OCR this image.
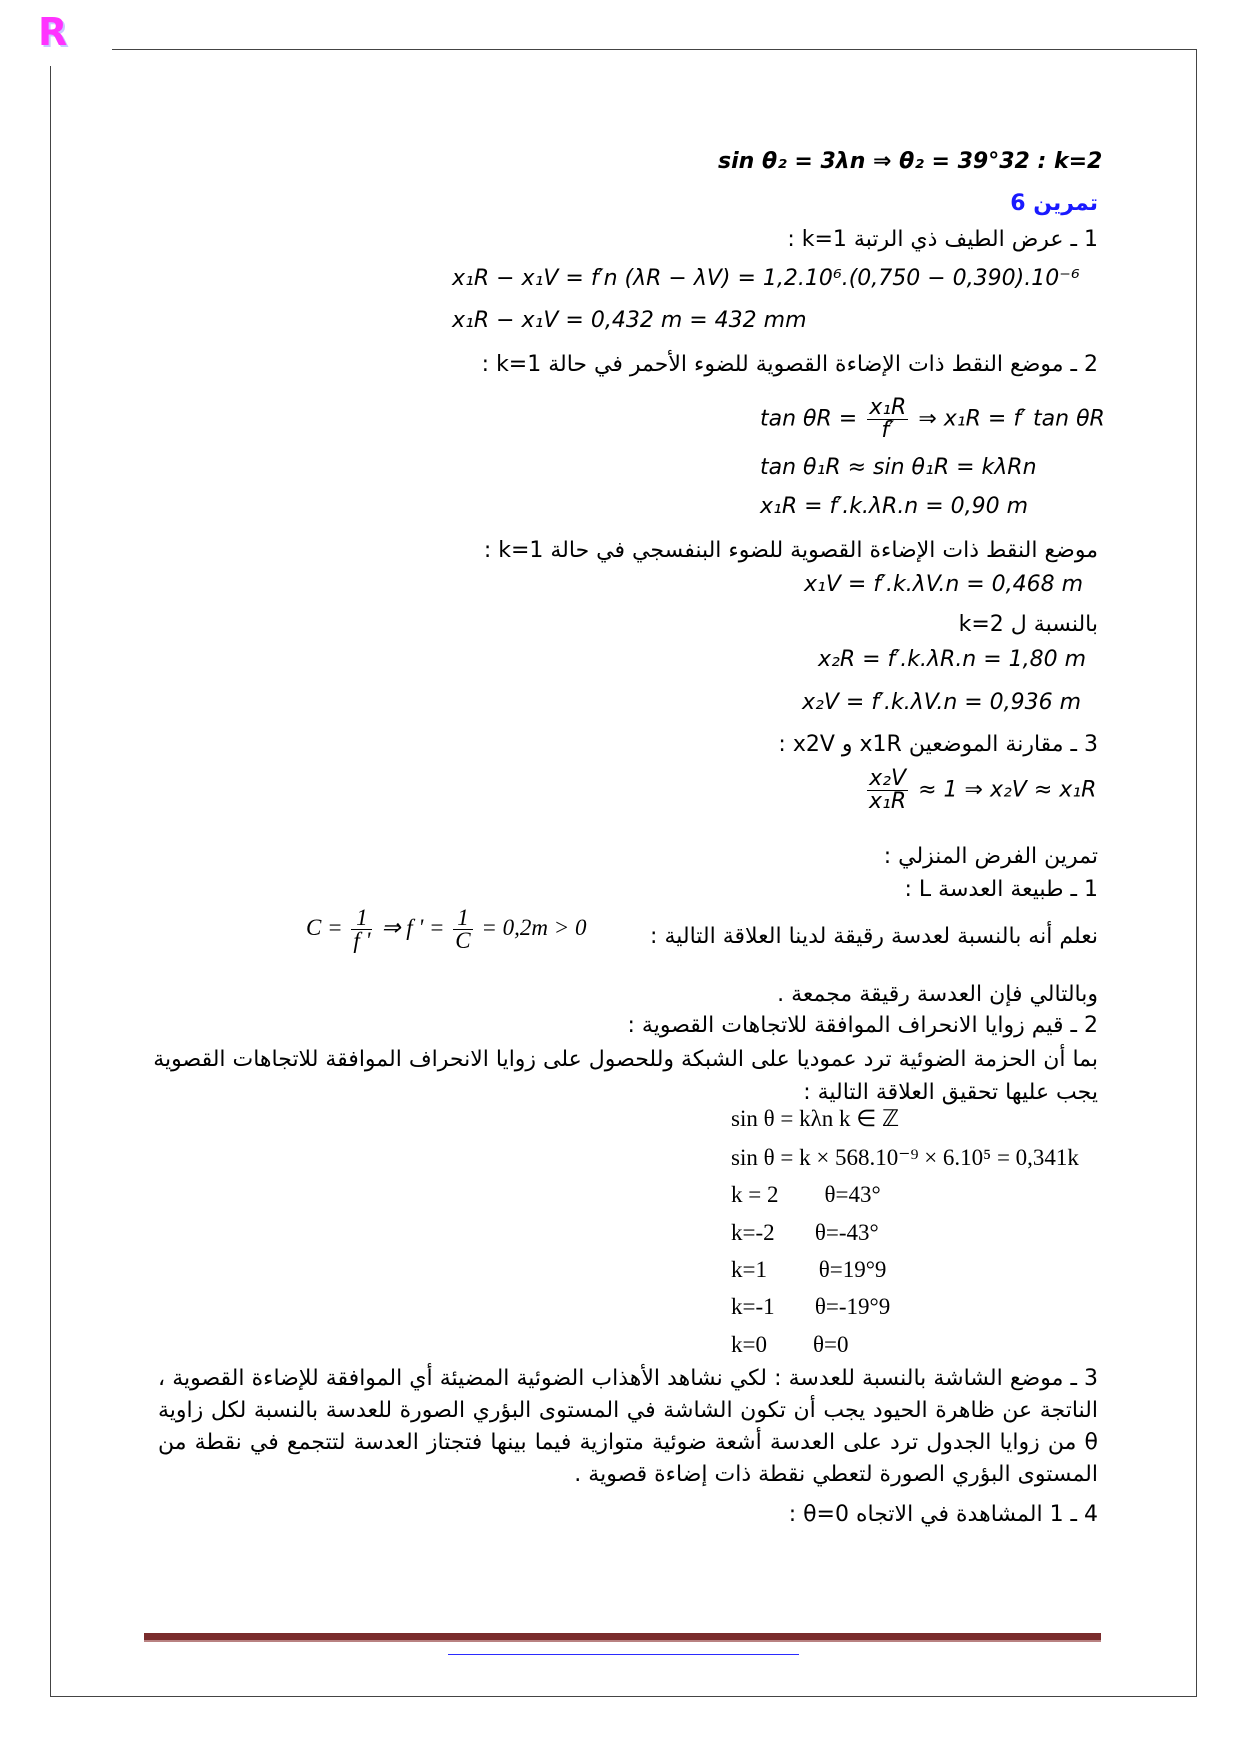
R
sin θ₂ = 3λn ⇒ θ₂ = 39°32 : k=2
تمرين 6
1 ـ عرض الطيف ذي الرتبة k=1 :
x₁R − x₁V = f′n (λR − λV) = 1,2.10⁶.(0,750 − 0,390).10⁻⁶
x₁R − x₁V = 0,432 m = 432 mm
2 ـ موضع النقط ذات الإضاءة القصوية للضوء الأحمر في حالة k=1 :
$\tan \theta R = \frac{\text{x₁R}}{f'}$ ⇒ x₁R = f′ tan θR
tan θ₁R ≈ sin θ₁R = kλRn
x₁R = f′.k.λR.n = 0,90 m
موضع النقط ذات الإضاءة القصوية للضوء البنفسجي في حالة k=1 :
x₁V = f′.k.λV.n = 0,468 m
بالنسبة ل k=2
x₂R = f′.k.λR.n = 1,80 m
x₂V = f′.k.λV.n = 0,936 m
3 ـ مقارنة الموضعين x1R و x2V :
$\frac{\text{x₂V}}{\text{x₁R}} \approx 1$ ⇒ x₂V ≈ x₁R
تمرين الفرض المنزلي :
1 ـ طبيعة العدسة L :
نعلم أنه بالنسبة لعدسة رقيقة لدينا العلاقة التالية :
$C = \frac{1}{f '}$ ⇒ f ' = $\frac{1}{C} = 0,2m > 0$
وبالتالي فإن العدسة رقيقة مجمعة .
2 ـ قيم زوايا الانحراف الموافقة للاتجاهات القصوية :
بما أن الحزمة الضوئية ترد عموديا على الشبكة وللحصول على زوايا الانحراف الموافقة للاتجاهات القصوية يجب عليها تحقيق العلاقة التالية :
sin θ = kλn k ∈ ℤ
sin θ = k × 568.10⁻⁹ × 6.10⁵ = 0,341k
k = 2        θ=43°
k=-2       θ=-43°
k=1         θ=19°9
k=-1       θ=-19°9
k=0        θ=0
3 ـ موضع الشاشة بالنسبة للعدسة : لكي نشاهد الأهذاب الضوئية المضيئة أي الموافقة للإضاءة القصوية ، الناتجة عن ظاهرة الحيود يجب أن تكون الشاشة في المستوى البؤري الصورة للعدسة بالنسبة لكل زاوية θ من زوايا الجدول ترد على العدسة أشعة ضوئية متوازية فيما بينها فتجتاز العدسة لتتجمع في نقطة من المستوى البؤري الصورة لتعطي نقطة ذات إضاءة قصوية .
4 ـ 1 المشاهدة في الاتجاه θ=0 :
